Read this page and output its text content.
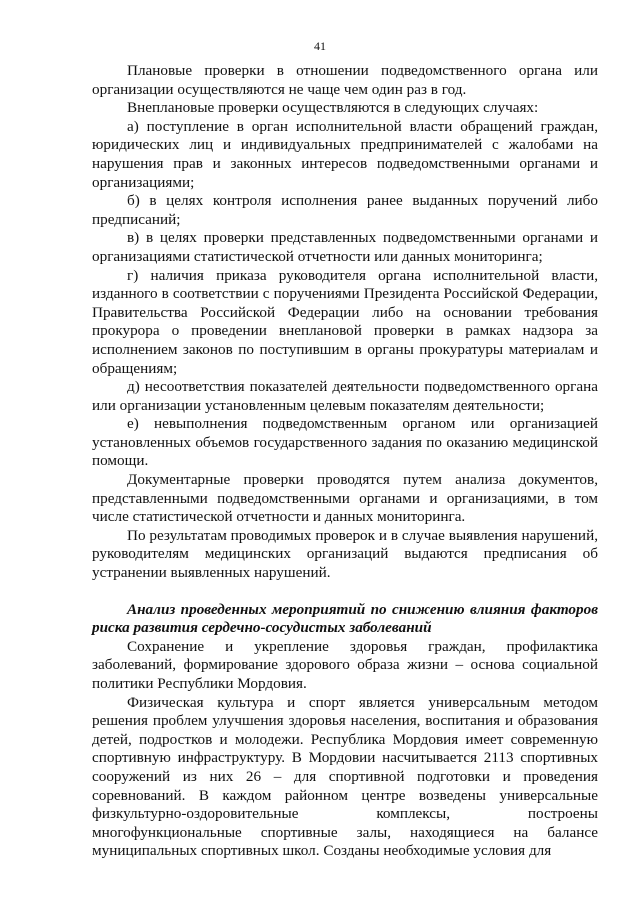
41

Плановые проверки в отношении подведомственного органа или организации осуществляются не чаще чем один раз в год.

Внеплановые проверки осуществляются в следующих случаях:

а) поступление в орган исполнительной власти обращений граждан, юридических лиц и индивидуальных предпринимателей с жалобами на нарушения прав и законных интересов подведомственными органами и организациями;

б) в целях контроля исполнения ранее выданных поручений либо предписаний;

в) в целях проверки представленных подведомственными органами и организациями статистической отчетности или данных мониторинга;

г) наличия приказа руководителя органа исполнительной власти, изданного в соответствии с поручениями Президента Российской Федерации, Правительства Российской Федерации либо на основании требования прокурора о проведении внеплановой проверки в рамках надзора за исполнением законов по поступившим в органы прокуратуры материалам и обращениям;

д) несоответствия показателей деятельности подведомственного органа или организации установленным целевым показателям деятельности;

е) невыполнения подведомственным органом или организацией установленных объемов государственного задания по оказанию медицинской помощи.

Документарные проверки проводятся путем анализа документов, представленными подведомственными органами и организациями, в том числе статистической отчетности и данных мониторинга.

По результатам проводимых проверок и в случае выявления нарушений, руководителям медицинских организаций выдаются предписания об устранении выявленных нарушений.

Анализ проведенных мероприятий по снижению влияния факторов риска развития сердечно-сосудистых заболеваний

Сохранение и укрепление здоровья граждан, профилактика заболеваний, формирование здорового образа жизни – основа социальной политики Республики Мордовия.

Физическая культура и спорт является универсальным методом решения проблем улучшения здоровья населения, воспитания и образования детей, подростков и молодежи. Республика Мордовия имеет современную спортивную инфраструктуру. В Мордовии насчитывается 2113 спортивных сооружений из них 26 – для спортивной подготовки и проведения соревнований. В каждом районном центре возведены универсальные физкультурно-оздоровительные комплексы, построены многофункциональные спортивные залы, находящиеся на балансе муниципальных спортивных школ. Созданы необходимые условия для
